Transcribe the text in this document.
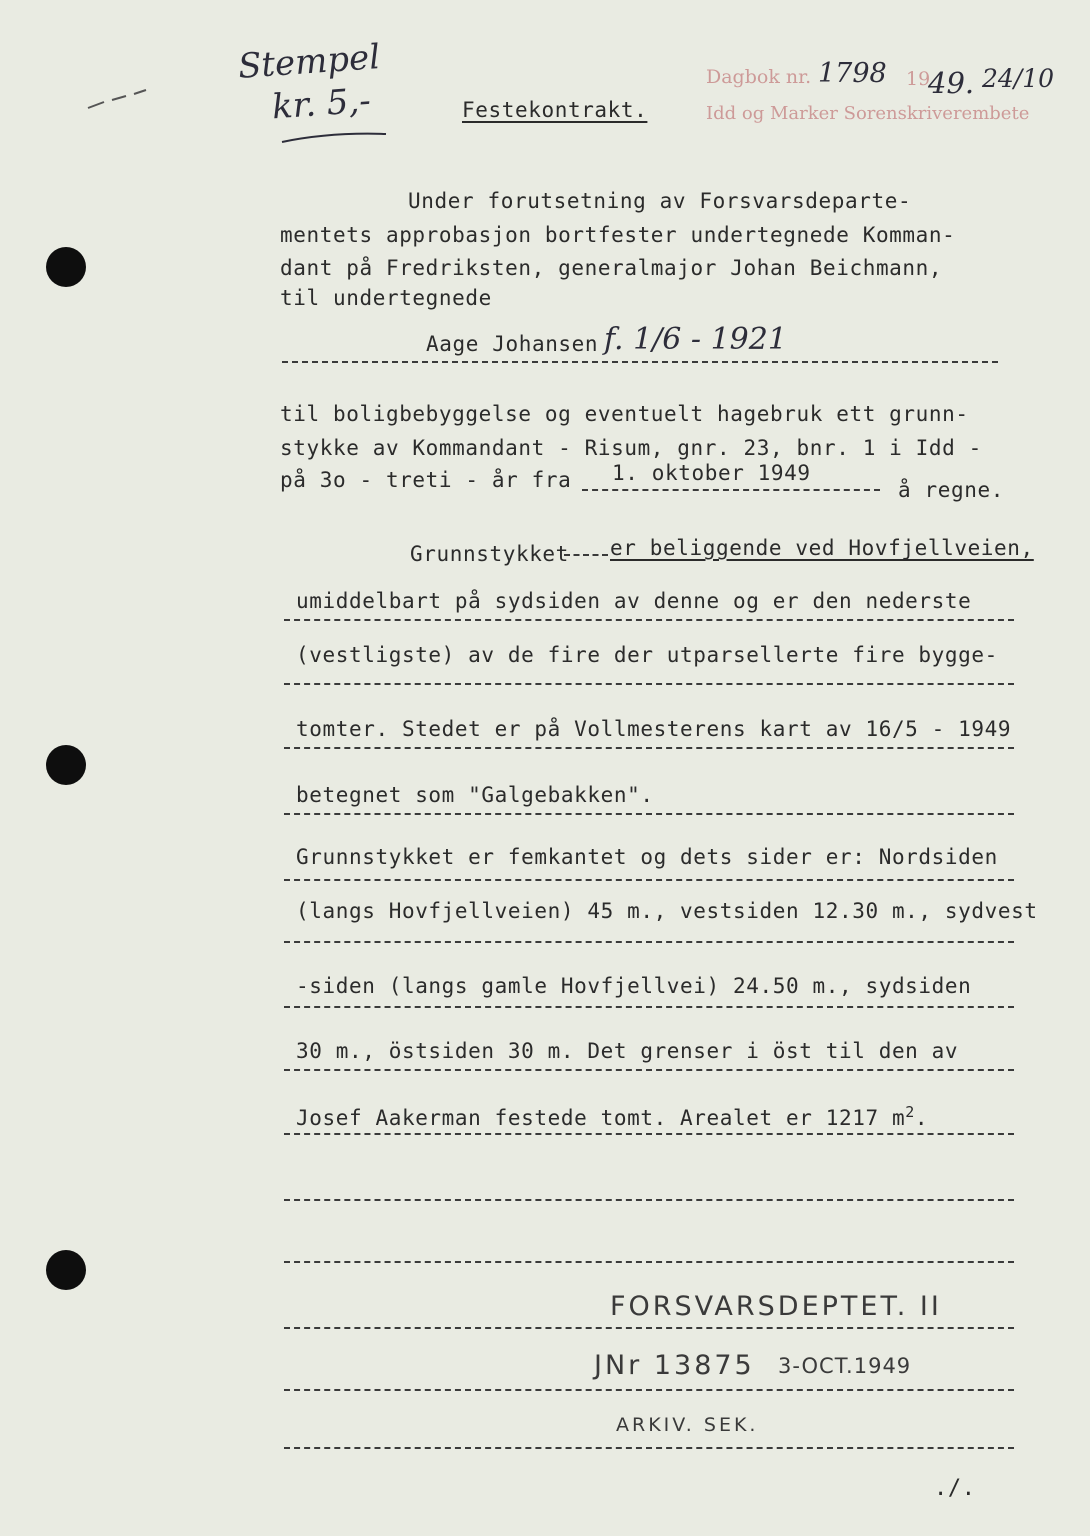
Stempel
kr. 5,-	Festekontrakt.
Dagbok nr. 1798 19
49. 24/10
Idd og Marker Sorenskriverembete
Under forutsetning av Forsvarsdeparte-
mentets approbasjon bortfester undertegnede Komman-
dant på Fredriksten, generalmajor Johan Beichmann,
til undertegnede
Aage Johansen f. 1/6 - 1921
til boligbebyggelse og eventuelt hagebruk ett grunn-
stykke av Kommandant - Risum, gnr. 23, bnr. 1 i Idd -
på 3o - treti - år fra 1. oktober 1949
å regne.
Grunnstykket er beliggende ved Hovfjellveien,
umiddelbart på sydsiden av denne og er den nederste
(vestligste) av de fire der utparsellerte fire bygge-
tomter. Stedet er på Vollmesterens kart av 16/5 - 1949
betegnet som "Galgebakken".
Grunnstykket er femkantet og dets sider er: Nordsiden
(langs Hovfjellveien) 45 m., vestsiden 12.30 m., sydvest
-siden (langs gamle Hovfjellvei) 24.50 m., sydsiden
30 m., östsiden 30 m. Det grenser i öst til den av
Josef Aakerman festede tomt. Arealet er 1217 $m^2$.
FORSVARSDEPTET. II
JNr 13875 3-OCT.1949
ARKIV. SEK.
./.
